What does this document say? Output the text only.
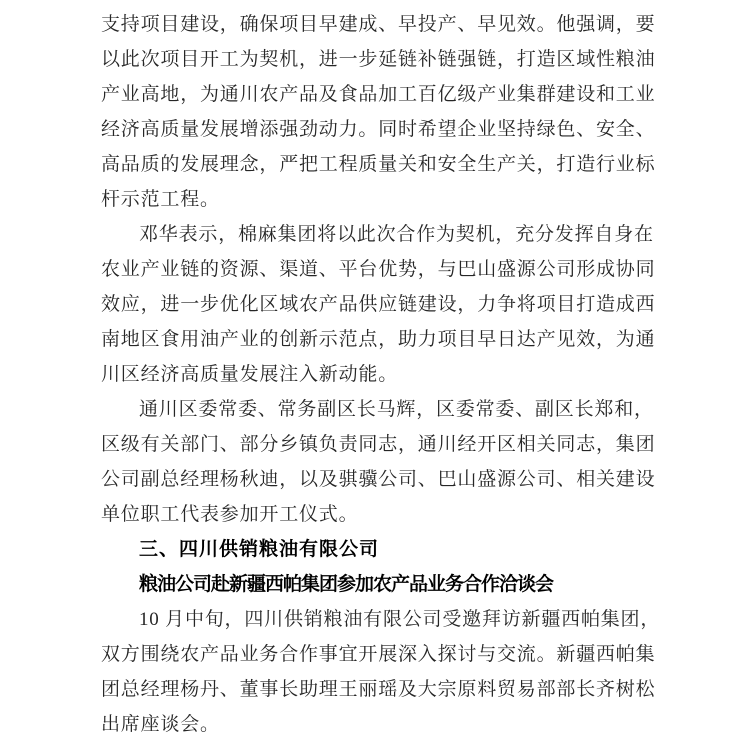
支持项目建设，确保项目早建成、早投产、早见效。他强调，要
以此次项目开工为契机，进一步延链补链强链，打造区域性粮油
产业高地，为通川农产品及食品加工百亿级产业集群建设和工业
经济高质量发展增添强劲动力。同时希望企业坚持绿色、安全、
高品质的发展理念，严把工程质量关和安全生产关，打造行业标
杆示范工程。
邓华表示，棉麻集团将以此次合作为契机，充分发挥自身在
农业产业链的资源、渠道、平台优势，与巴山盛源公司形成协同
效应，进一步优化区域农产品供应链建设，力争将项目打造成西
南地区食用油产业的创新示范点，助力项目早日达产见效，为通
川区经济高质量发展注入新动能。
通川区委常委、常务副区长马辉，区委常委、副区长郑和，
区级有关部门、部分乡镇负责同志，通川经开区相关同志，集团
公司副总经理杨秋迪，以及骐骥公司、巴山盛源公司、相关建设
单位职工代表参加开工仪式。
三、四川供销粮油有限公司
粮油公司赴新疆西帕集团参加农产品业务合作洽谈会
10 月中旬，四川供销粮油有限公司受邀拜访新疆西帕集团，
双方围绕农产品业务合作事宜开展深入探讨与交流。新疆西帕集
团总经理杨丹、董事长助理王丽瑶及大宗原料贸易部部长齐树松
出席座谈会。
